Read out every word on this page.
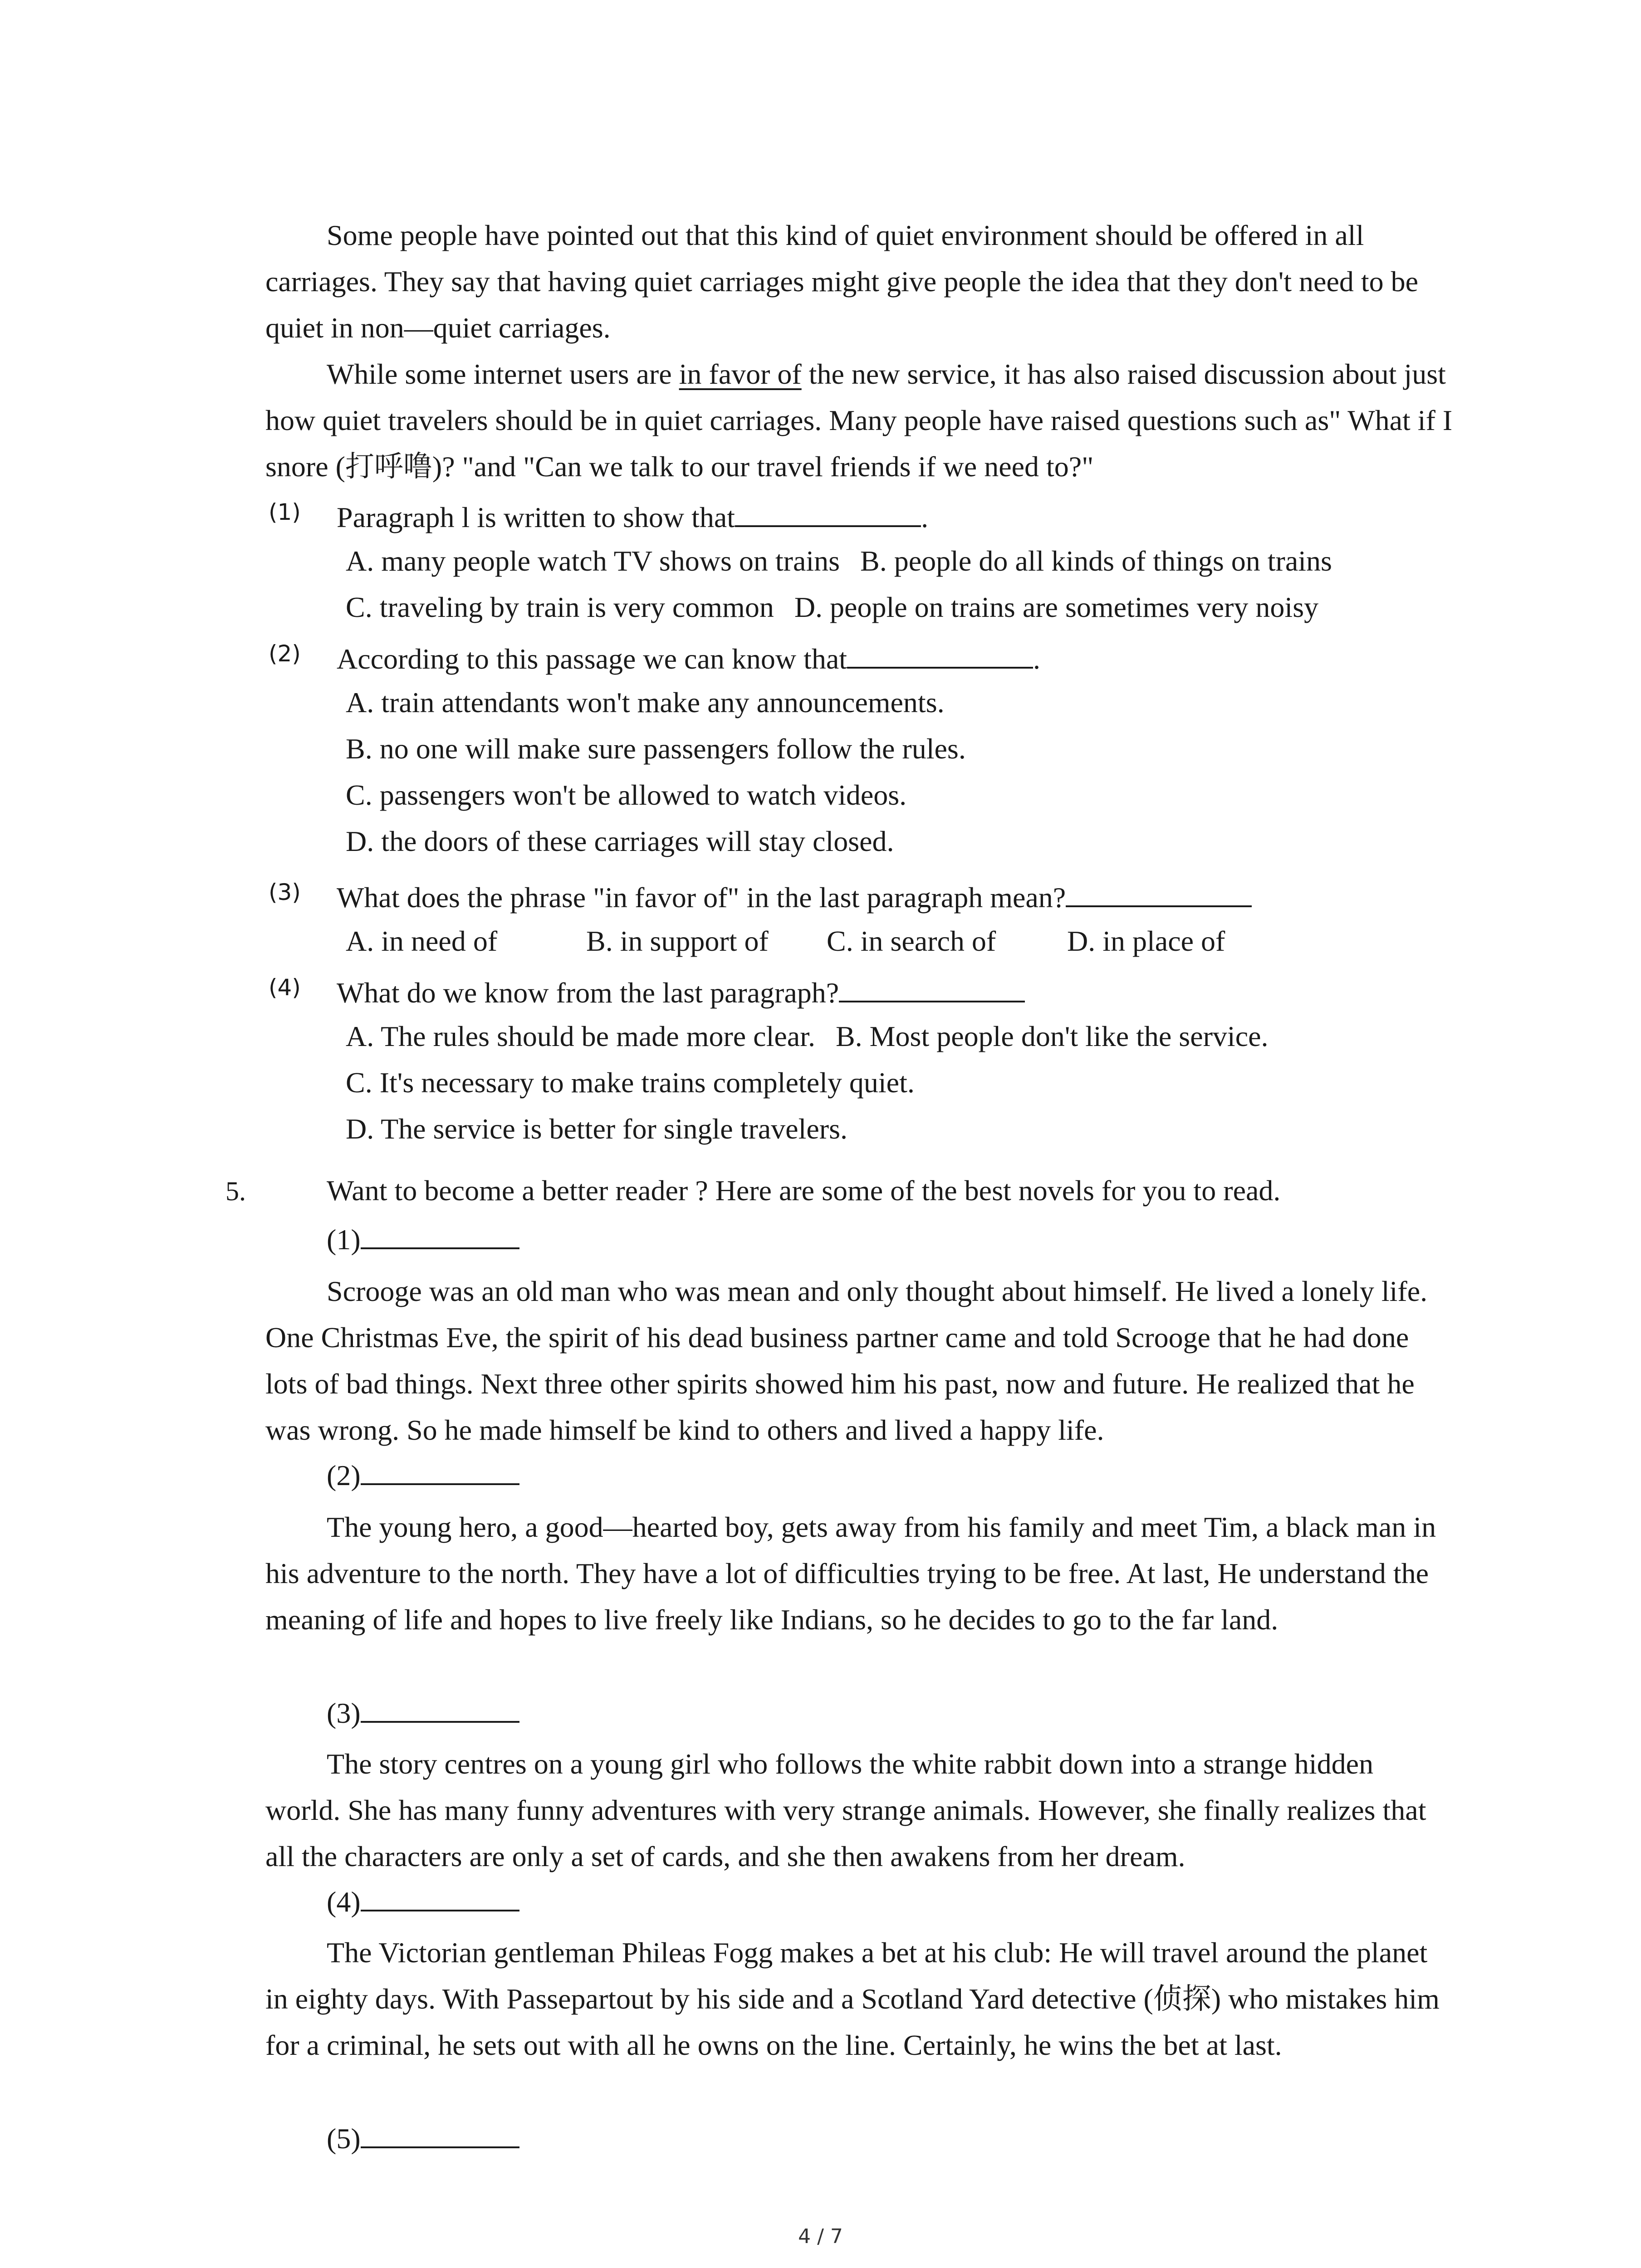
Some people have pointed out that this kind of quiet environment should be offered in all carriages. They say that having quiet carriages might give people the idea that they don't need to be quiet in non—quiet carriages.

While some internet users are in favor of the new service, it has also raised discussion about just how quiet travelers should be in quiet carriages. Many people have raised questions such as" What if I snore (打呼噜)? "and "Can we talk to our travel friends if we need to?"

(1) Paragraph l is written to show that	.
A. many people watch TV shows on trains B. people do all kinds of things on trains
C. traveling by train is very common D. people on trains are sometimes very noisy
(2) According to this passage we can know that	.
A. train attendants won't make any announcements.
B. no one will make sure passengers follow the rules.
C. passengers won't be allowed to watch videos.
D. the doors of these carriages will stay closed.
(3) What does the phrase "in favor of" in the last paragraph mean?
A. in need of	B. in support of C. in search of D. in place of
(4) What do we know from the last paragraph?
A. The rules should be made more clear. B. Most people don't like the service.
C. It's necessary to make trains completely quiet.
D. The service is better for single travelers.
5.	Want to become a better reader ? Here are some of the best novels for you to read.
(1)

Scrooge was an old man who was mean and only thought about himself. He lived a lonely life. One Christmas Eve, the spirit of his dead business partner came and told Scrooge that he had done lots of bad things. Next three other spirits showed him his past, now and future. He realized that he was wrong. So he made himself be kind to others and lived a happy life.

(2)

The young hero, a good—hearted boy, gets away from his family and meet Tim, a black man in his adventure to the north. They have a lot of difficulties trying to be free. At last, He understand the meaning of life and hopes to live freely like Indians, so he decides to go to the far land.

(3)

The story centres on a young girl who follows the white rabbit down into a strange hidden world. She has many funny adventures with very strange animals. However, she finally realizes that all the characters are only a set of cards, and she then awakens from her dream.

(4)

The Victorian gentleman Phileas Fogg makes a bet at his club: He will travel around the planet in eighty days. With Passepartout by his side and a Scotland Yard detective (侦探) who mistakes him for a criminal, he sets out with all he owns on the line. Certainly, he wins the bet at last.

(5)
4 / 7
